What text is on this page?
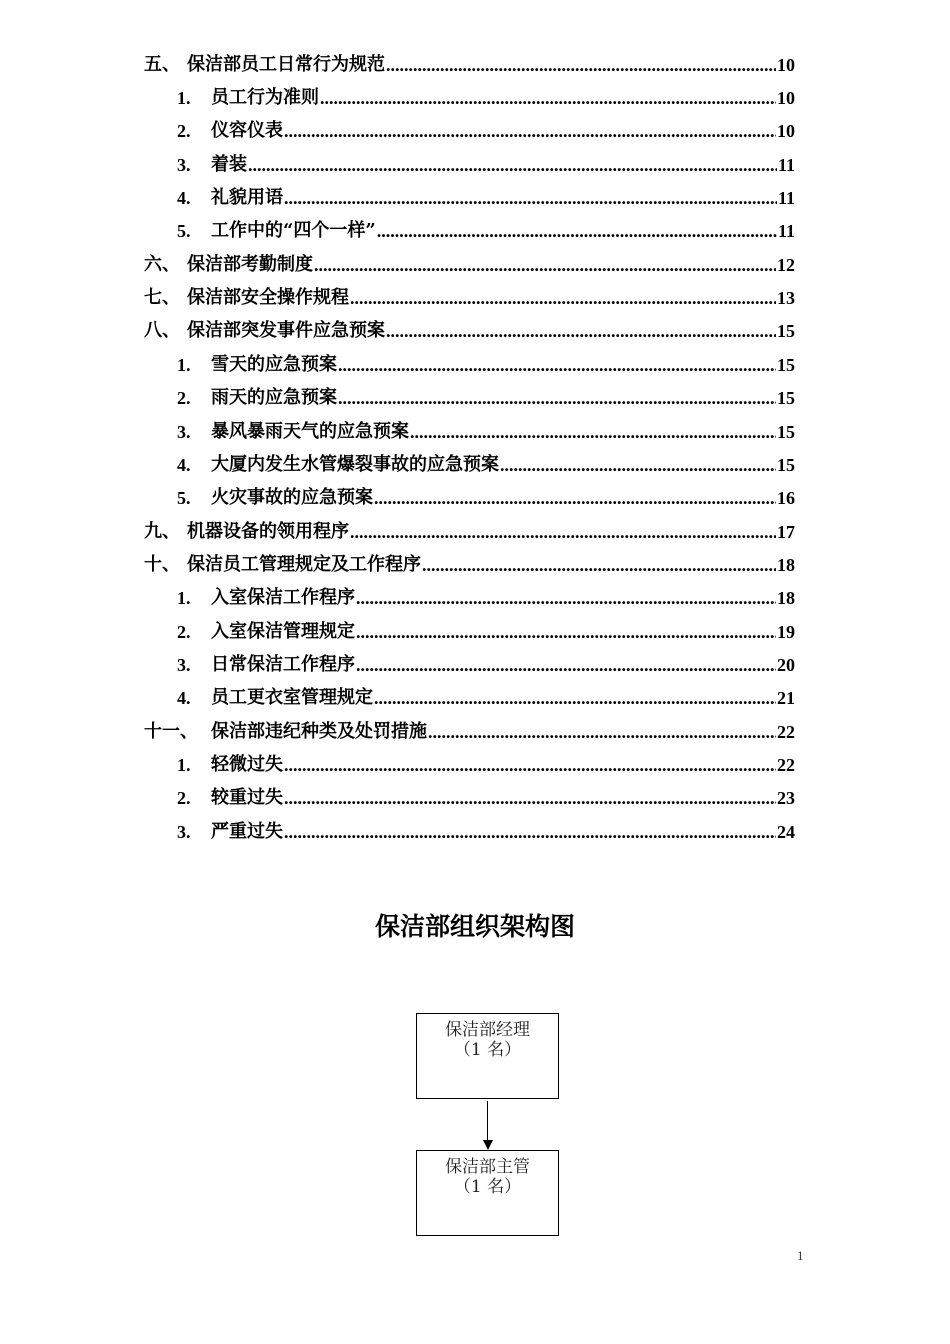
五、 保洁部员工日常行为规范 .....	10
1.	员工行为准则 .....	10
2.	仪容仪表 .....	10
3.	着装 .....	11
4.	礼貌用语 .....	11
5.	工作中的“四个一样” .....	11
六、 保洁部考勤制度 .....	12
七、 保洁部安全操作规程 .....	13
八、 保洁部突发事件应急预案 .....	15
1.	雪天的应急预案 .....	15
2.	雨天的应急预案 .....	15
3.	暴风暴雨天气的应急预案 .....	15
4.	大厦内发生水管爆裂事故的应急预案 .....	15
5.	火灾事故的应急预案 .....	16
九、 机器设备的领用程序 .....	17
十、 保洁员工管理规定及工作程序 .....	18
1.	入室保洁工作程序 .....	18
2.	入室保洁管理规定 .....	19
3.	日常保洁工作程序 .....	20
4.	员工更衣室管理规定 .....	21
十一、 保洁部违纪种类及处罚措施 .....	22
1.	轻微过失 .....	22
2.	较重过失 .....	23
3.	严重过失 .....	24
保洁部组织架构图
保洁部经理
（1 名）
保洁部主管
（1 名）
1
